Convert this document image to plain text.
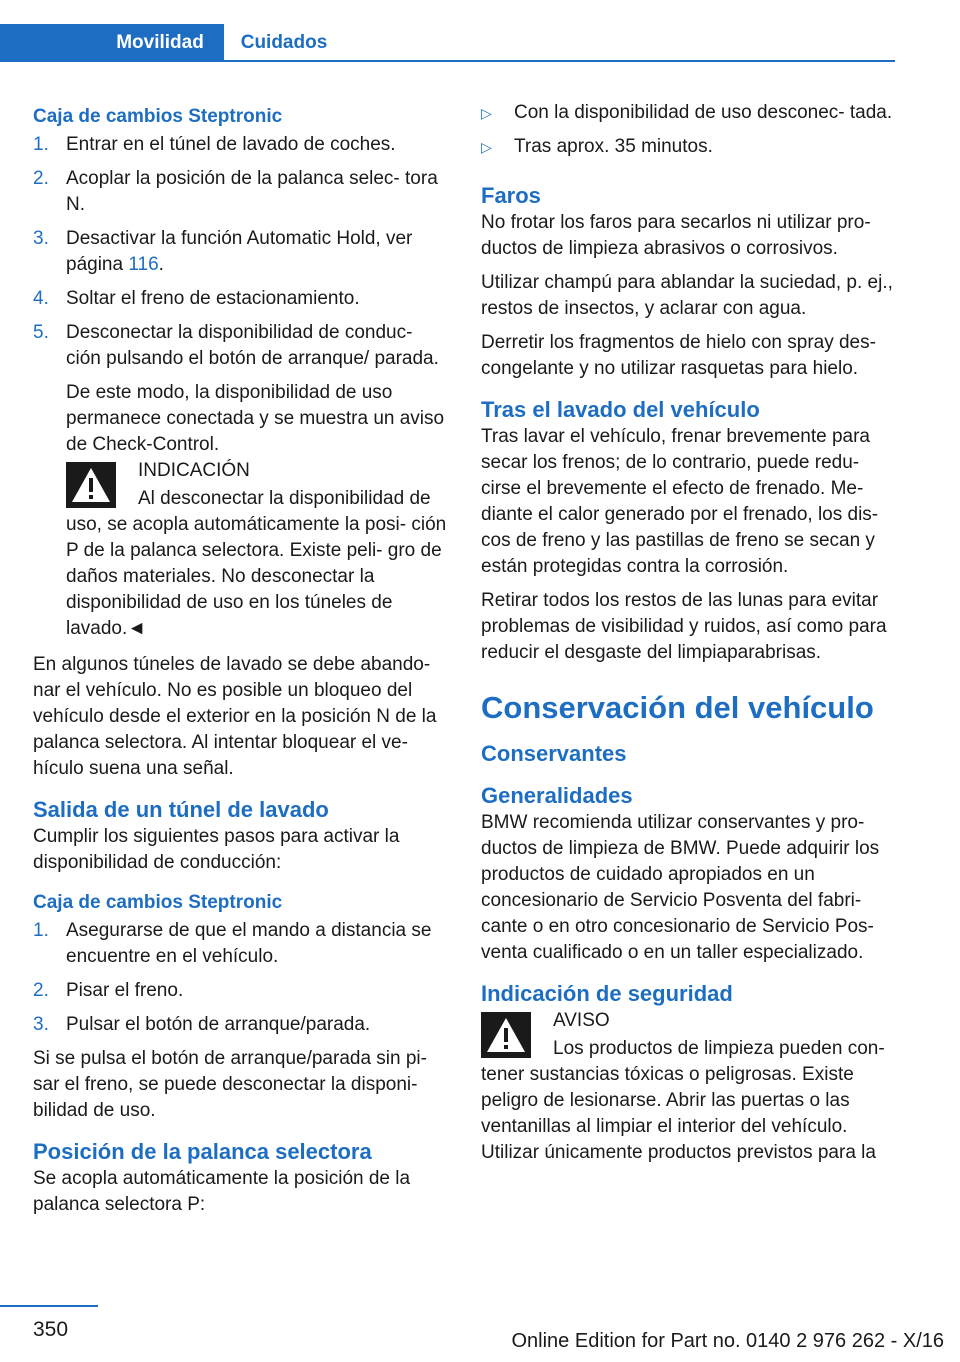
Movilidad	Cuidados
Caja de cambios Steptronic
1. Entrar en el túnel de lavado de coches.
2. Acoplar la posición de la palanca selec- tora N.
3. Desactivar la función Automatic Hold, ver página 116.
4. Soltar el freno de estacionamiento.
5. Desconectar la disponibilidad de conduc- ción pulsando el botón de arranque/ parada.

De este modo, la disponibilidad de uso permanece conectada y se muestra un aviso de Check-Control.

INDICACIÓN
Al desconectar la disponibilidad de
uso, se acopla automáticamente la posi- ción P de la palanca selectora. Existe peli- gro de daños materiales. No desconectar la disponibilidad de uso en los túneles de lavado.◄

En algunos túneles de lavado se debe abando- nar el vehículo. No es posible un bloqueo del vehículo desde el exterior en la posición N de la palanca selectora. Al intentar bloquear el ve- hículo suena una señal.

Salida de un túnel de lavado

Cumplir los siguientes pasos para activar la disponibilidad de conducción:

Caja de cambios Steptronic
1. Asegurarse de que el mando a distancia se encuentre en el vehículo.
2. Pisar el freno.
3. Pulsar el botón de arranque/parada.

Si se pulsa el botón de arranque/parada sin pi- sar el freno, se puede desconectar la disponi- bilidad de uso.

Posición de la palanca selectora

Se acopla automáticamente la posición de la palanca selectora P:

▷	Con la disponibilidad de uso desconec- tada.
▷	Tras aprox. 35 minutos.
Faros

No frotar los faros para secarlos ni utilizar pro- ductos de limpieza abrasivos o corrosivos.

Utilizar champú para ablandar la suciedad, p. ej., restos de insectos, y aclarar con agua.

Derretir los fragmentos de hielo con spray des- congelante y no utilizar rasquetas para hielo.

Tras el lavado del vehículo

Tras lavar el vehículo, frenar brevemente para secar los frenos; de lo contrario, puede redu- cirse el brevemente el efecto de frenado. Me- diante el calor generado por el frenado, los dis- cos de freno y las pastillas de freno se secan y están protegidas contra la corrosión.

Retirar todos los restos de las lunas para evitar problemas de visibilidad y ruidos, así como para reducir el desgaste del limpiaparabrisas.

Conservación del vehículo
Conservantes
Generalidades

BMW recomienda utilizar conservantes y pro- ductos de limpieza de BMW. Puede adquirir los productos de cuidado apropiados en un concesionario de Servicio Posventa del fabri- cante o en otro concesionario de Servicio Pos- venta cualificado o en un taller especializado.

Indicación de seguridad
AVISO
Los productos de limpieza pueden con-
tener sustancias tóxicas o peligrosas. Existe peligro de lesionarse. Abrir las puertas o las ventanillas al limpiar el interior del vehículo. Utilizar únicamente productos previstos para la
350	Online Edition for Part no. 0140 2 976 262 - X/16
